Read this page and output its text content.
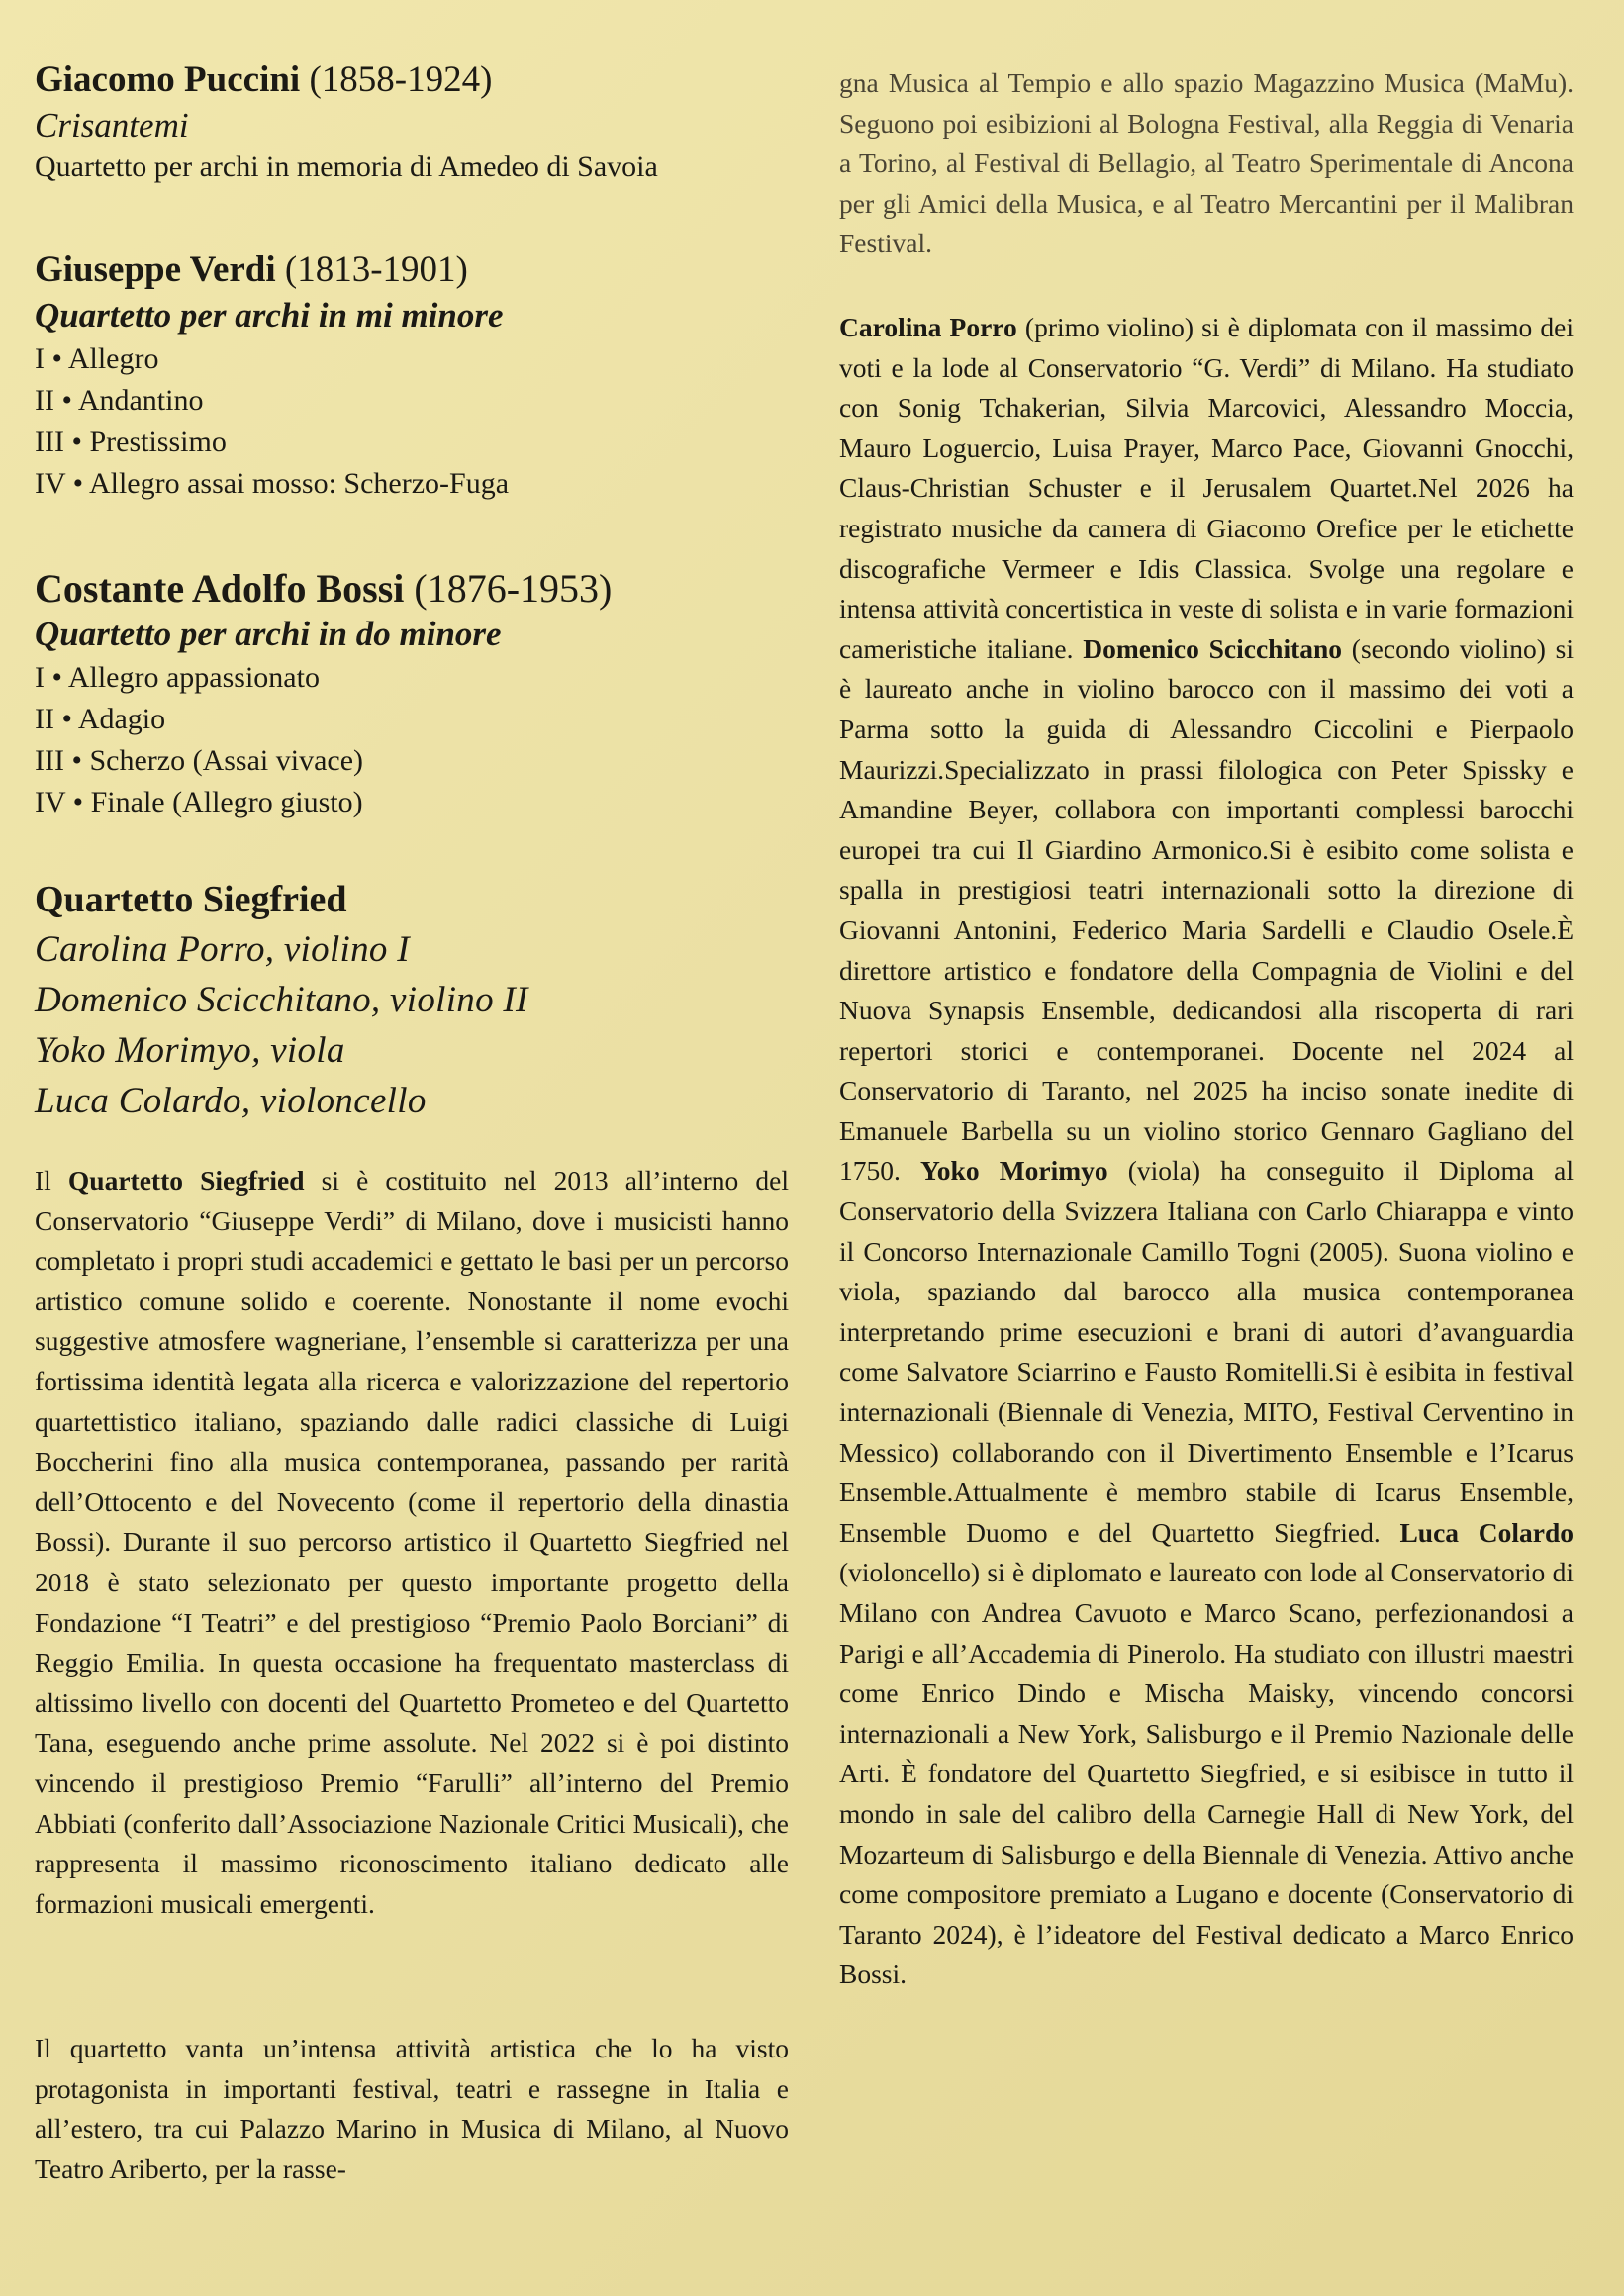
Giacomo Puccini (1858-1924)
Crisantemi
Quartetto per archi in memoria di Amedeo di Savoia
Giuseppe Verdi (1813-1901)
Quartetto per archi in mi minore
I • Allegro
II • Andantino
III • Prestissimo
IV • Allegro assai mosso: Scherzo-Fuga
Costante Adolfo Bossi (1876-1953)
Quartetto per archi in do minore
I • Allegro appassionato
II • Adagio
III • Scherzo (Assai vivace)
IV • Finale (Allegro giusto)
Quartetto Siegfried
Carolina Porro, violino I
Domenico Scicchitano, violino II
Yoko Morimyo, viola
Luca Colardo, violoncello
Il Quartetto Siegfried si è costituito nel 2013 all’interno del Conservatorio “Giuseppe Verdi” di Milano, dove i musicisti hanno completato i propri studi accademici e gettato le basi per un percorso artistico comune solido e coerente. Nonostante il nome evochi suggestive atmosfere wagneriane, l’ensemble si caratterizza per una fortissima identità legata alla ricerca e valorizzazione del repertorio quartettistico italiano, spaziando dalle radici classiche di Luigi Boccherini fino alla musica contemporanea, passando per rarità dell’Ottocento e del Novecento (come il repertorio della dinastia Bossi). Durante il suo percorso artistico il Quartetto Siegfried nel 2018 è stato selezionato per questo importante progetto della Fondazione “I Teatri” e del prestigioso “Premio Paolo Borciani” di Reggio Emilia. In questa occasione ha frequentato masterclass di altissimo livello con docenti del Quartetto Prometeo e del Quartetto Tana, eseguendo anche prime assolute. Nel 2022 si è poi distinto vincendo il prestigioso Premio “Farulli” all’interno del Premio Abbiati (conferito dall’Associazione Nazionale Critici Musicali), che rappresenta il massimo riconoscimento italiano dedicato alle formazioni musicali emergenti.
Il quartetto vanta un’intensa attività artistica che lo ha visto protagonista in importanti festival, teatri e rassegne in Italia e all’estero, tra cui Palazzo Marino in Musica di Milano, al Nuovo Teatro Ariberto, per la rasse-
gna Musica al Tempio e allo spazio Magazzino Musica (MaMu). Seguono poi esibizioni al Bologna Festival, alla Reggia di Venaria a Torino, al Festival di Bellagio, al Teatro Sperimentale di Ancona per gli Amici della Musica, e al Teatro Mercantini per il Malibran Festival.
Carolina Porro (primo violino) si è diplomata con il massimo dei voti e la lode al Conservatorio “G. Verdi” di Milano. Ha studiato con Sonig Tchakerian, Silvia Marcovici, Alessandro Moccia, Mauro Loguercio, Luisa Prayer, Marco Pace, Giovanni Gnocchi, Claus-Christian Schuster e il Jerusalem Quartet.Nel 2026 ha registrato musiche da camera di Giacomo Orefice per le etichette discografiche Vermeer e Idis Classica. Svolge una regolare e intensa attività concertistica in veste di solista e in varie formazioni cameristiche italiane. Domenico Scicchitano (secondo violino) si è laureato anche in violino barocco con il massimo dei voti a Parma sotto la guida di Alessandro Ciccolini e Pierpaolo Maurizzi.Specializzato in prassi filologica con Peter Spissky e Amandine Beyer, collabora con importanti complessi barocchi europei tra cui Il Giardino Armonico.Si è esibito come solista e spalla in prestigiosi teatri internazionali sotto la direzione di Giovanni Antonini, Federico Maria Sardelli e Claudio Osele.È direttore artistico e fondatore della Compagnia de Violini e del Nuova Synapsis Ensemble, dedicandosi alla riscoperta di rari repertori storici e contemporanei. Docente nel 2024 al Conservatorio di Taranto, nel 2025 ha inciso sonate inedite di Emanuele Barbella su un violino storico Gennaro Gagliano del 1750. Yoko Morimyo (viola) ha conseguito il Diploma al Conservatorio della Svizzera Italiana con Carlo Chiarappa e vinto il Concorso Internazionale Camillo Togni (2005). Suona violino e viola, spaziando dal barocco alla musica contemporanea interpretando prime esecuzioni e brani di autori d’avanguardia come Salvatore Sciarrino e Fausto Romitelli.Si è esibita in festival internazionali (Biennale di Venezia, MITO, Festival Cerventino in Messico) collaborando con il Divertimento Ensemble e l’Icarus Ensemble.Attualmente è membro stabile di Icarus Ensemble, Ensemble Duomo e del Quartetto Siegfried. Luca Colardo (violoncello) si è diplomato e laureato con lode al Conservatorio di Milano con Andrea Cavuoto e Marco Scano, perfezionandosi a Parigi e all’Accademia di Pinerolo. Ha studiato con illustri maestri come Enrico Dindo e Mischa Maisky, vincendo concorsi internazionali a New York, Salisburgo e il Premio Nazionale delle Arti. È fondatore del Quartetto Siegfried, e si esibisce in tutto il mondo in sale del calibro della Carnegie Hall di New York, del Mozarteum di Salisburgo e della Biennale di Venezia. Attivo anche come compositore premiato a Lugano e docente (Conservatorio di Taranto 2024), è l’ideatore del Festival dedicato a Marco Enrico Bossi.
